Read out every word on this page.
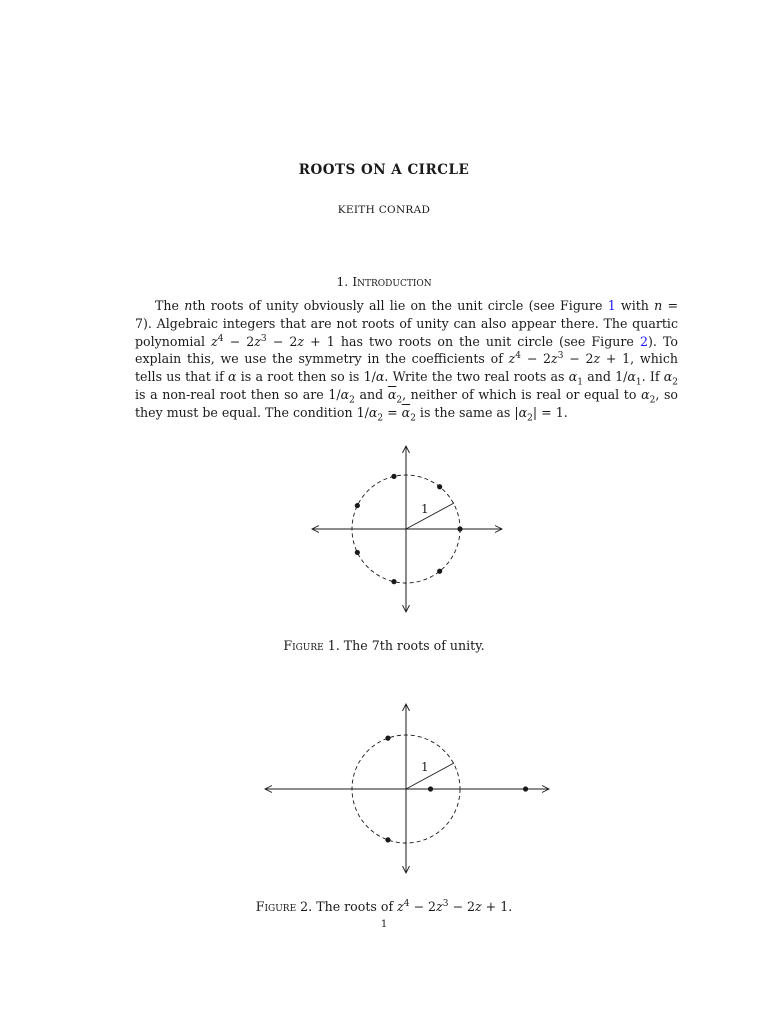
ROOTS ON A CIRCLE
KEITH CONRAD
1. Introduction

The nth roots of unity obviously all lie on the unit circle (see Figure 1 with n = 7). Algebraic integers that are not roots of unity can also appear there. The quartic polynomial $z^4 - 2z^3 - 2z + 1$ has two roots on the unit circle (see Figure 2). To explain this, we use the symmetry in the coefficients of $z^4 - 2z^3 - 2z + 1$, which tells us that if α is a root then so is 1/α. Write the two real roots as $\alpha_1$ and $1/\alpha_1$. If $\alpha_2$ is a non-real root then so are $1/\alpha_2$ and $\overline{\alpha}_2$, neither of which is real or equal to $\alpha_2$, so they must be equal. The condition $1/\alpha_2 = \overline{\alpha}_2$ is the same as $|\alpha_2| = 1$.

1
Figure 1. The 7th roots of unity.
1
Figure 2. The roots of $z^4 - 2z^3 - 2z + 1$.
1
